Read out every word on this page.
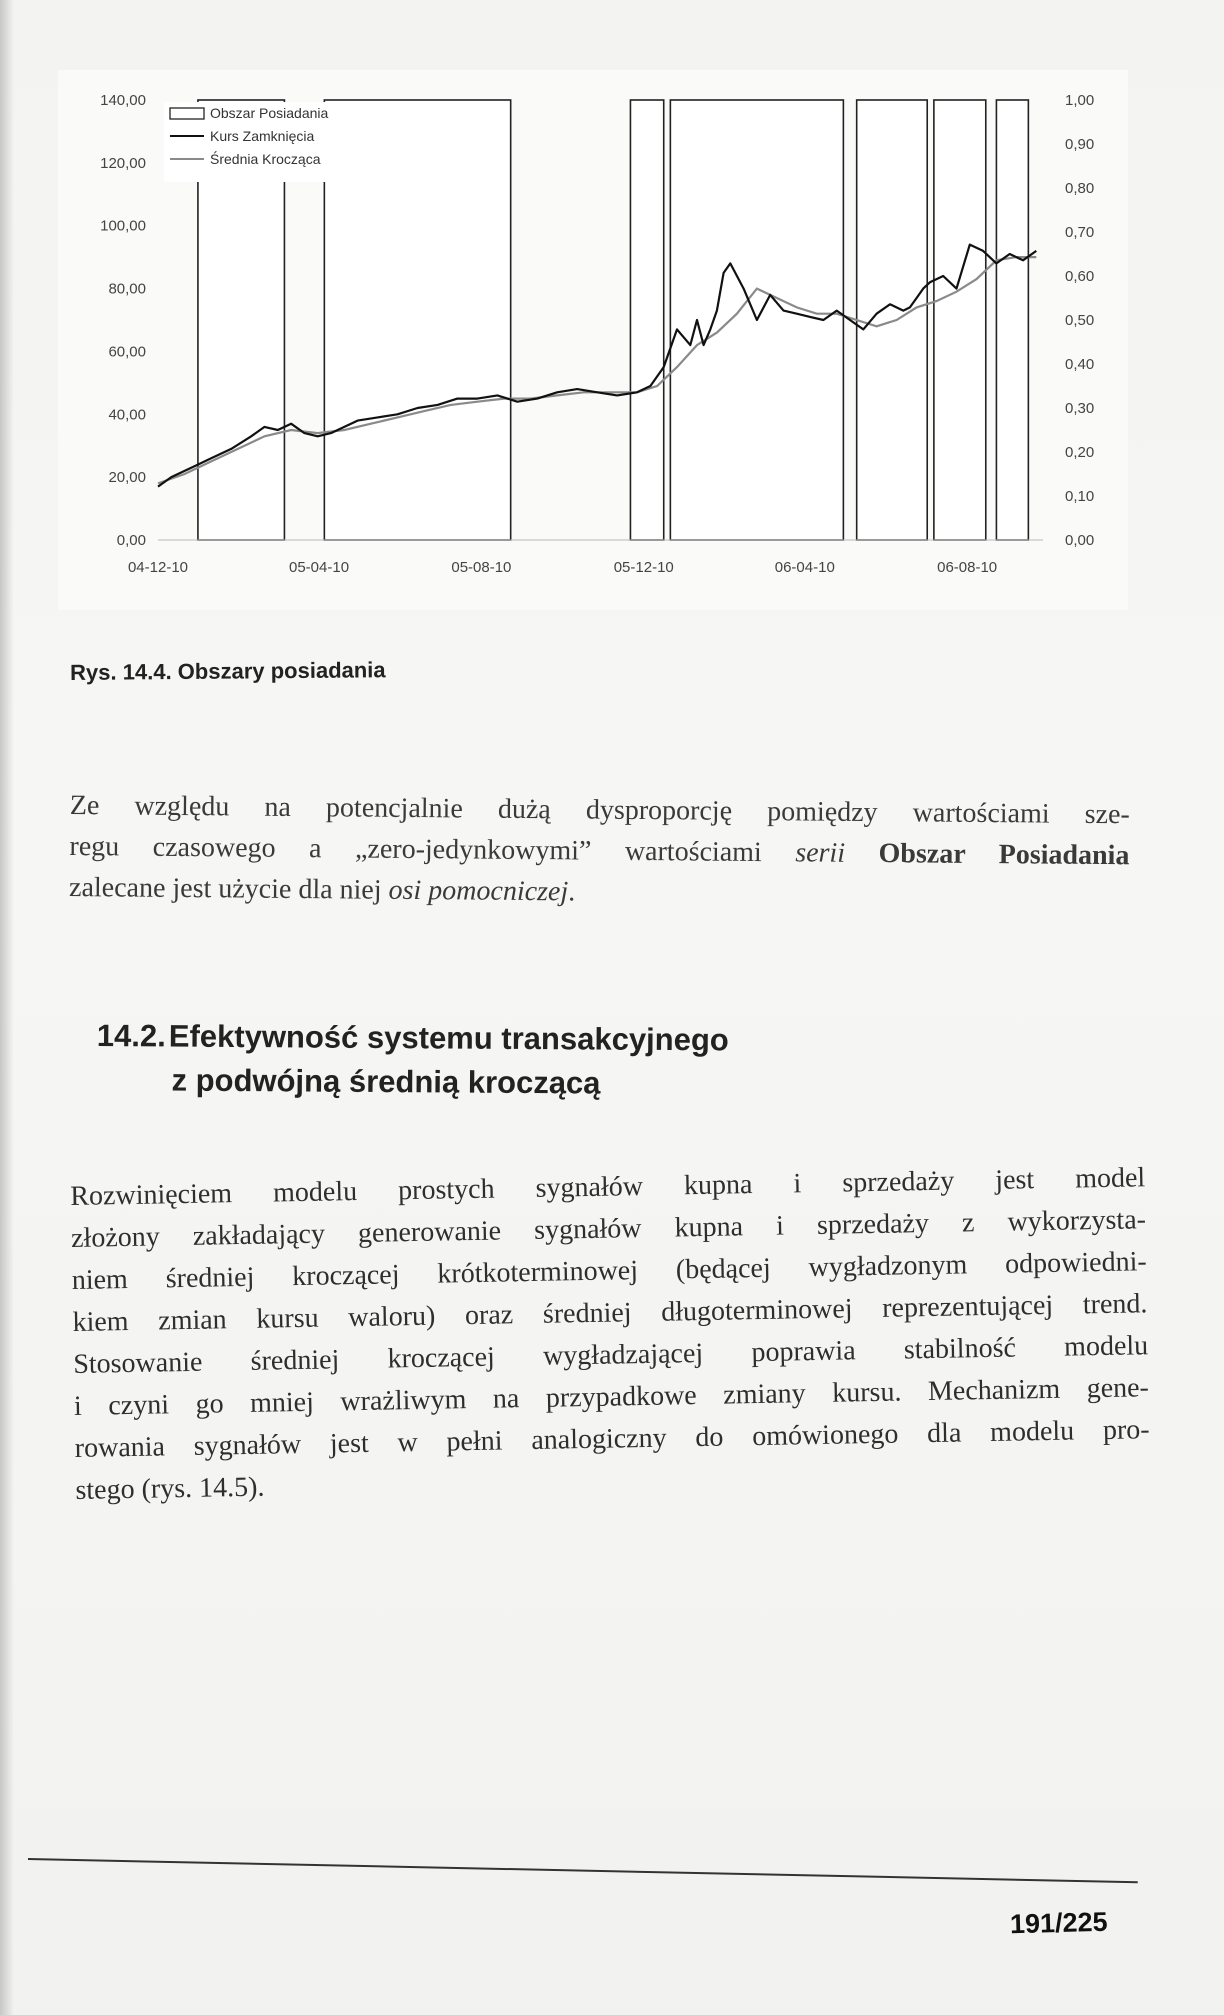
0,00
20,00
40,00
60,00
80,00
100,00
120,00
140,00
0,00
0,10
0,20
0,30
0,40
0,50
0,60
0,70
0,80
0,90
1,00
04-12-10	05-04-10	05-08-10	05-12-10	06-04-10	06-08-10
Obszar Posiadania
Kurs Zamknięcia
Średnia Krocząca
Rys. 14.4. Obszary posiadania
Ze względu na potencjalnie dużą dysproporcję pomiędzy wartościami sze-
regu czasowego a „zero-jedynkowymi” wartościami serii Obszar Posiadania
zalecane jest użycie dla niej osi pomocniczej.
14.2.Efektywność systemu transakcyjnego
z podwójną średnią kroczącą
Rozwinięciem modelu prostych sygnałów kupna i sprzedaży jest model
złożony zakładający generowanie sygnałów kupna i sprzedaży z wykorzysta-
niem średniej kroczącej krótkoterminowej (będącej wygładzonym odpowiedni-
kiem zmian kursu waloru) oraz średniej długoterminowej reprezentującej trend.
Stosowanie średniej kroczącej wygładzającej poprawia stabilność modelu
i czyni go mniej wrażliwym na przypadkowe zmiany kursu. Mechanizm gene-
rowania sygnałów jest w pełni analogiczny do omówionego dla modelu pro-
stego (rys. 14.5).
191/225
